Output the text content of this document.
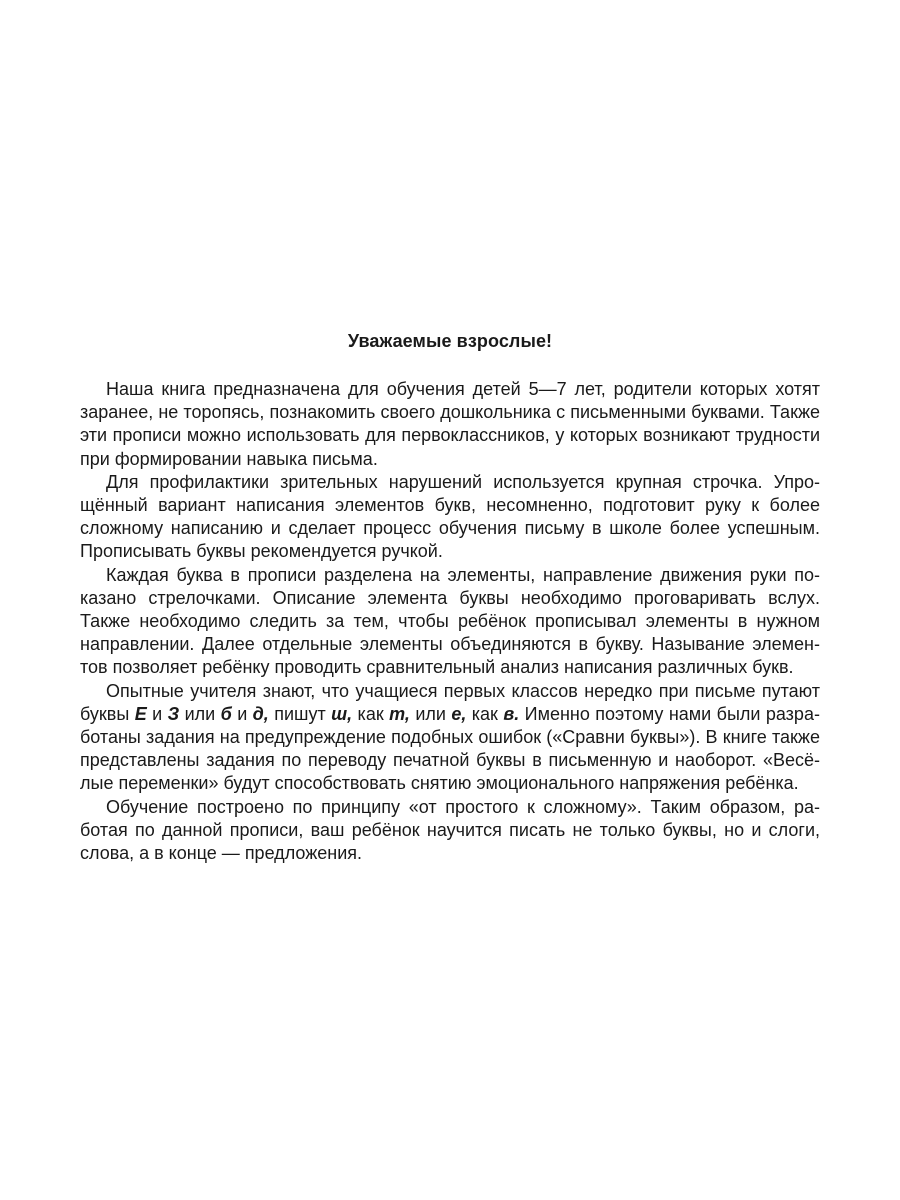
Уважаемые взрослые!

Наша книга предназначена для обучения детей 5—7 лет, родители которых хотят заранее, не торопясь, познакомить своего дошкольника с письменными буквами. Также эти прописи можно использовать для первоклассников, у которых возникают трудности при формировании навыка письма.

Для профилактики зрительных нарушений используется крупная строчка. Упрощённый вариант написания элементов букв, несомненно, подготовит руку к более сложному написанию и сделает процесс обучения письму в школе более успешным. Прописывать буквы рекомендуется ручкой.

Каждая буква в прописи разделена на элементы, направление движения руки показано стрелочками. Описание элемента буквы необходимо проговаривать вслух. Также необходимо следить за тем, чтобы ребёнок прописывал элементы в нужном направлении. Далее отдельные элементы объединяются в букву. Называние элементов позволяет ребёнку проводить сравнительный анализ написания различных букв.

Опытные учителя знают, что учащиеся первых классов нередко при письме путают буквы Е и З или б и д, пишут ш, как т, или е, как в. Именно поэтому нами были разработаны задания на предупреждение подобных ошибок («Сравни буквы»). В книге также представлены задания по переводу печатной буквы в письменную и наоборот. «Весёлые переменки» будут способствовать снятию эмоционального напряжения ребёнка.

Обучение построено по принципу «от простого к сложному». Таким образом, работая по данной прописи, ваш ребёнок научится писать не только буквы, но и слоги, слова, а в конце — предложения.
